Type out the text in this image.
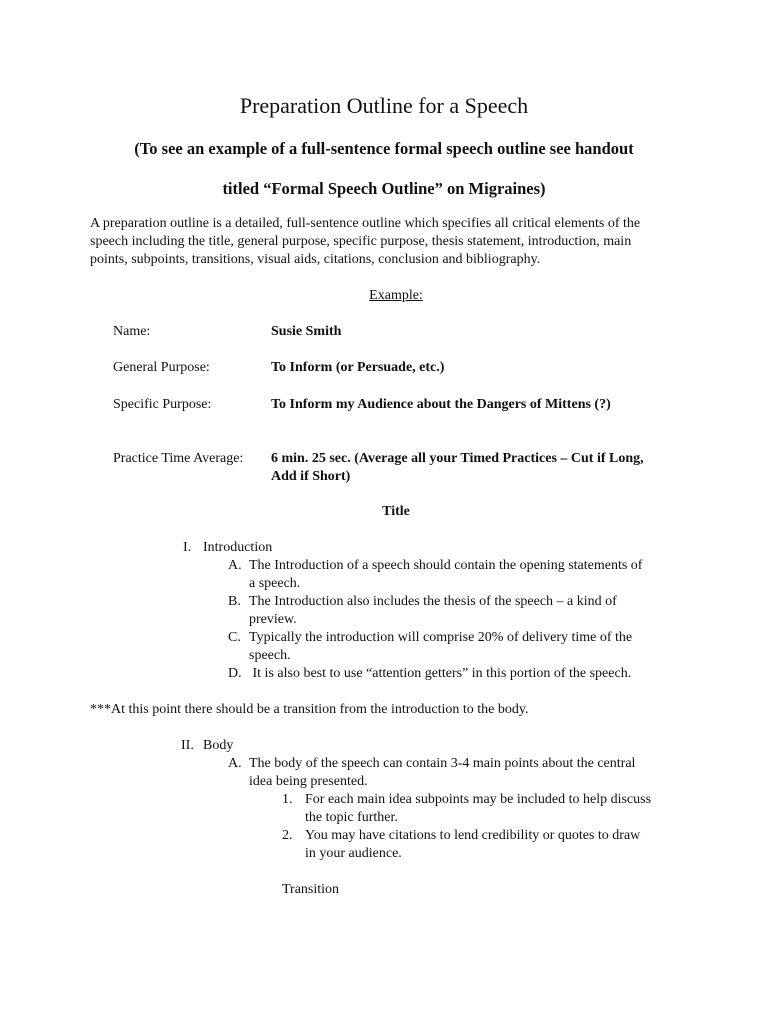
Preparation Outline for a Speech
(To see an example of a full-sentence formal speech outline see handout
titled “Formal Speech Outline” on Migraines)
A preparation outline is a detailed, full-sentence outline which specifies all critical elements of the speech including the title, general purpose, specific purpose, thesis statement, introduction, main points, subpoints, transitions, visual aids, citations, conclusion and bibliography.
Example:
Name:	Susie Smith
General Purpose:	To Inform (or Persuade, etc.)
Specific Purpose:	To Inform my Audience about the Dangers of Mittens (?)
Practice Time Average: 6 min. 25 sec. (Average all your Timed Practices – Cut if Long,
Add if Short)
Title
I. Introduction
A. The Introduction of a speech should contain the opening statements of
a speech.
B. The Introduction also includes the thesis of the speech – a kind of
preview.
C. Typically the introduction will comprise 20% of delivery time of the
speech.
D. It is also best to use “attention getters” in this portion of the speech.
***At this point there should be a transition from the introduction to the body.
II. Body
A. The body of the speech can contain 3-4 main points about the central
idea being presented.
1. For each main idea subpoints may be included to help discuss
the topic further.
2. You may have citations to lend credibility or quotes to draw
in your audience.
Transition
